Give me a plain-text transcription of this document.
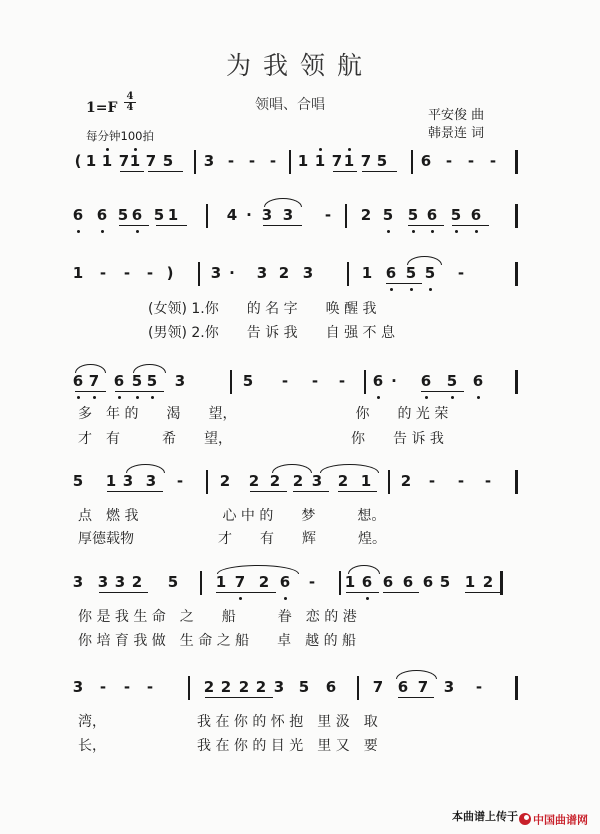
为我领航
$1=F \frac{4}{4}$
每分钟100拍
领唱、合唱
平安俊 曲
韩景连 词
( 1 1 7 1 7 5 3 - - - 1 1 7 1 7 5 6 - - -
6 6 5 6 5 1	4 · 3 3 - 2 5 5 6 5 6
1 - - - ) 3 · 3 2 3	1 6 5 5 -
6 7 6 5 5 3	5 - - - 6 · 6 5 6
5 1 3 3 - 2 2 2 2 3 2 1 2 - - -
3 3 3 2 5	1 7 2 6 - 1 6 6 6 6 5 1 2
3 - - -	2 2 2 2 3 5 6 7 6 7 3 -
(女领) 1.你　　的 名 字　　唤 醒 我
(男领) 2.你　　告 诉 我　　自 强 不 息
多　年 的　　渴　　望，　　　　　　　　　你　　的 光 荣
才　有　　　希　　望，　　　　　　　　　你　　告 诉 我
点　燃 我　　　　　　心 中 的　　梦　　　想。
厚德载物　　　　　　才　　有　　辉　　　煌。
你 是 我 生 命　之　　船　　　眷　恋 的 港
你 培 育 我 做　生 命 之 船　　卓　越 的 船
湾，　　　　　　　我 在 你 的 怀 抱　里 汲　取
长，　　　　　　　我 在 你 的 目 光　里 又　要
本曲谱上传于 中国曲谱网
